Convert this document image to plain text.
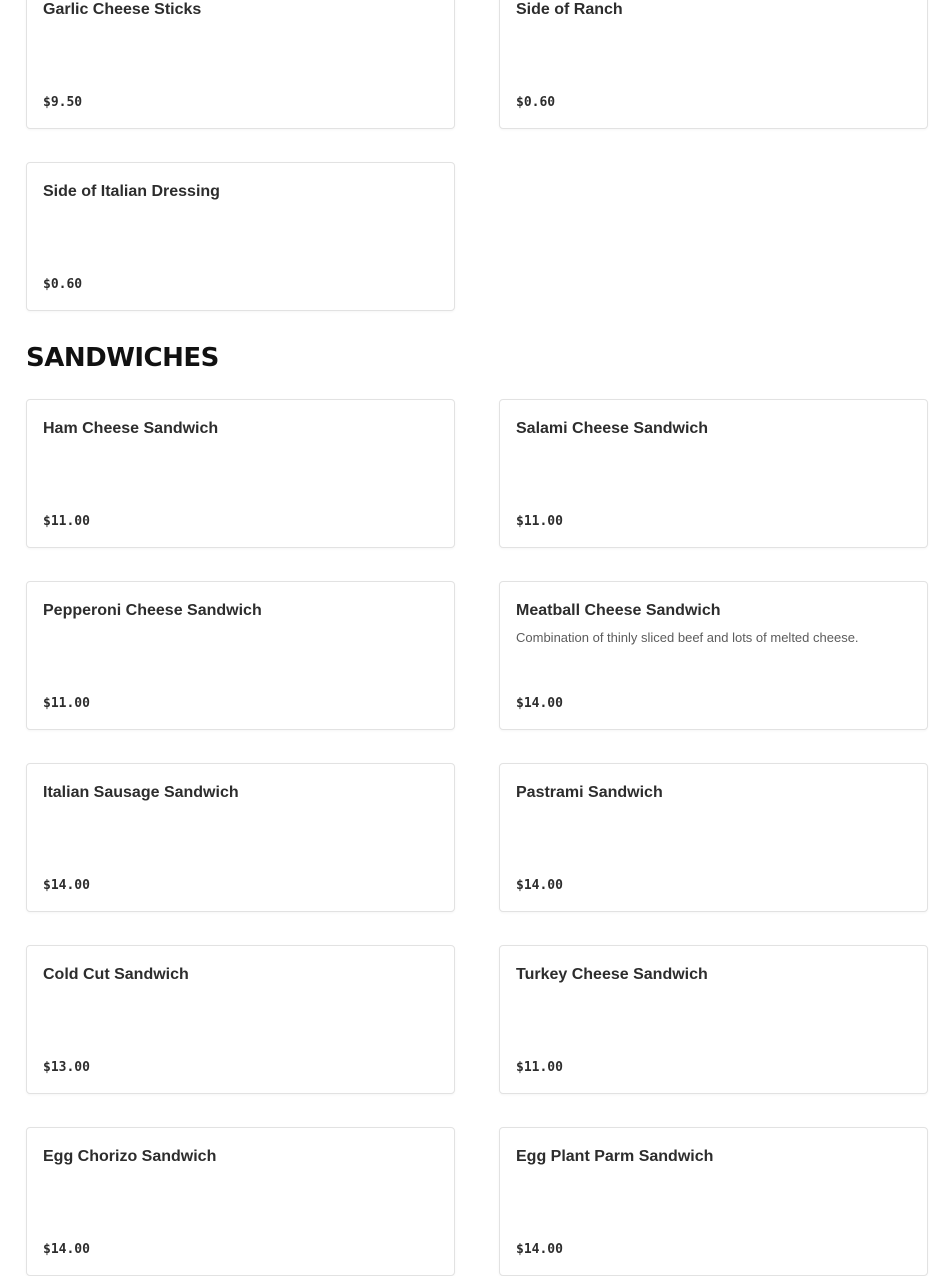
Garlic Cheese Sticks
$9.50
Side of Ranch
$0.60
Side of Italian Dressing
$0.60
SANDWICHES
Ham Cheese Sandwich
$11.00
Salami Cheese Sandwich
$11.00
Pepperoni Cheese Sandwich
$11.00
Meatball Cheese Sandwich
Combination of thinly sliced beef and lots of melted cheese.
$14.00
Italian Sausage Sandwich
$14.00
Pastrami Sandwich
$14.00
Cold Cut Sandwich
$13.00
Turkey Cheese Sandwich
$11.00
Egg Chorizo Sandwich
$14.00
Egg Plant Parm Sandwich
$14.00
